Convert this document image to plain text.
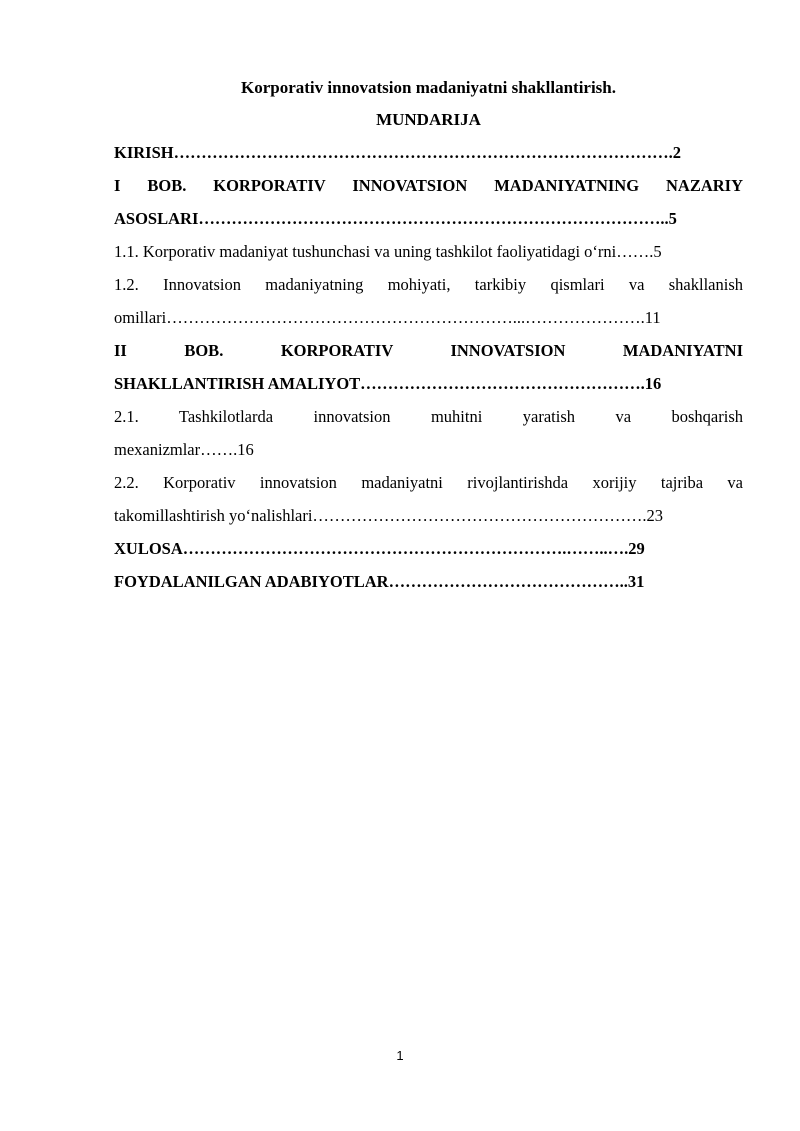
Korporativ innovatsion madaniyatni shakllantirish.

MUNDARIJA

KIRISH……………………………………………………………………………….2

I BOB. KORPORATIV INNOVATSION MADANIYATNING NAZARIY

ASOSLARI…………………………………………………………………………..5

1.1. Korporativ madaniyat tushunchasi va uning tashkilot faoliyatidagi o‘rni…….5

1.2. Innovatsion madaniyatning mohiyati, tarkibiy qismlari va shakllanish

omillari………………………………………………………...………………….11

II BOB. KORPORATIV INNOVATSION MADANIYATNI

SHAKLLANTIRISH AMALIYOT…………………………………………….16

2.1. Tashkilotlarda innovatsion muhitni yaratish va boshqarish

mexanizmlar…….16

2.2. Korporativ innovatsion madaniyatni rivojlantirishda xorijiy tajriba va

takomillashtirish yo‘nalishlari…………………………………………………….23

XULOSA…………………………………………………………….……..….29

FOYDALANILGAN ADABIYOTLAR……………………………………..31

1
